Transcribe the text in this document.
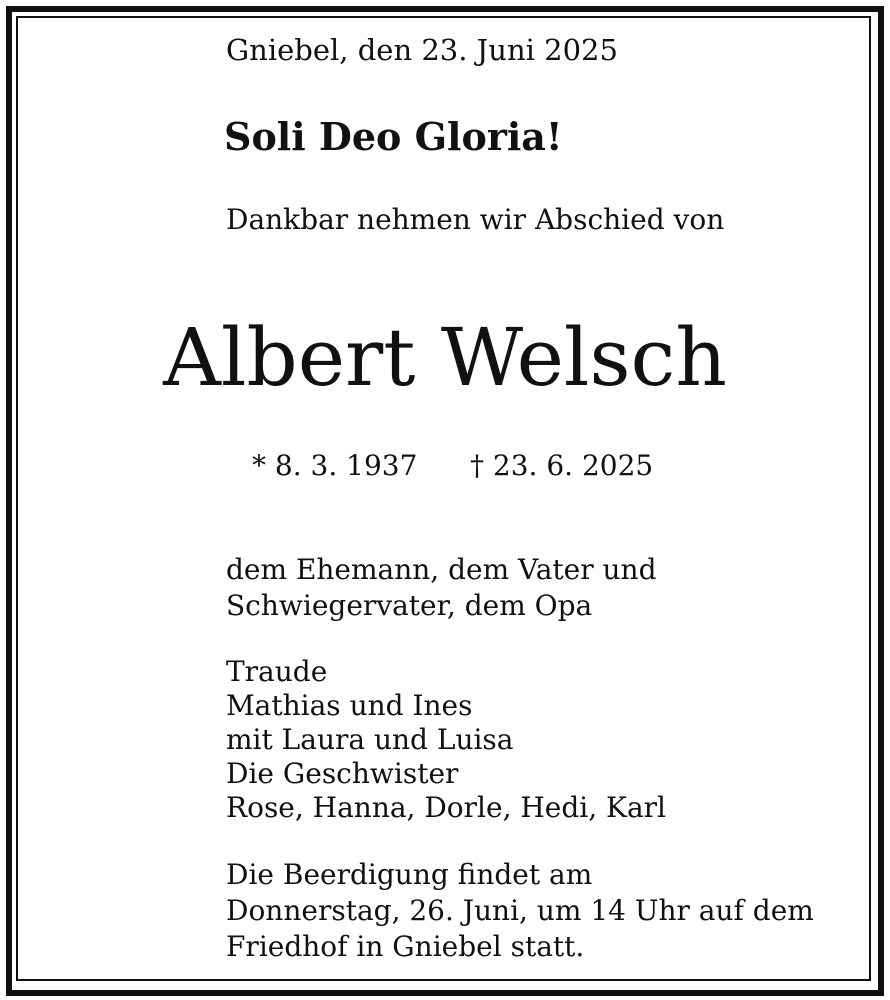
Gniebel, den 23. Juni 2025
Soli Deo Gloria!
Dankbar nehmen wir Abschied von
Albert Welsch
* 8. 3. 1937 † 23. 6. 2025
dem Ehemann, dem Vater und
Schwiegervater, dem Opa
Traude
Mathias und Ines
mit Laura und Luisa
Die Geschwister
Rose, Hanna, Dorle, Hedi, Karl
Die Beerdigung findet am
Donnerstag, 26. Juni, um 14 Uhr auf dem
Friedhof in Gniebel statt.
